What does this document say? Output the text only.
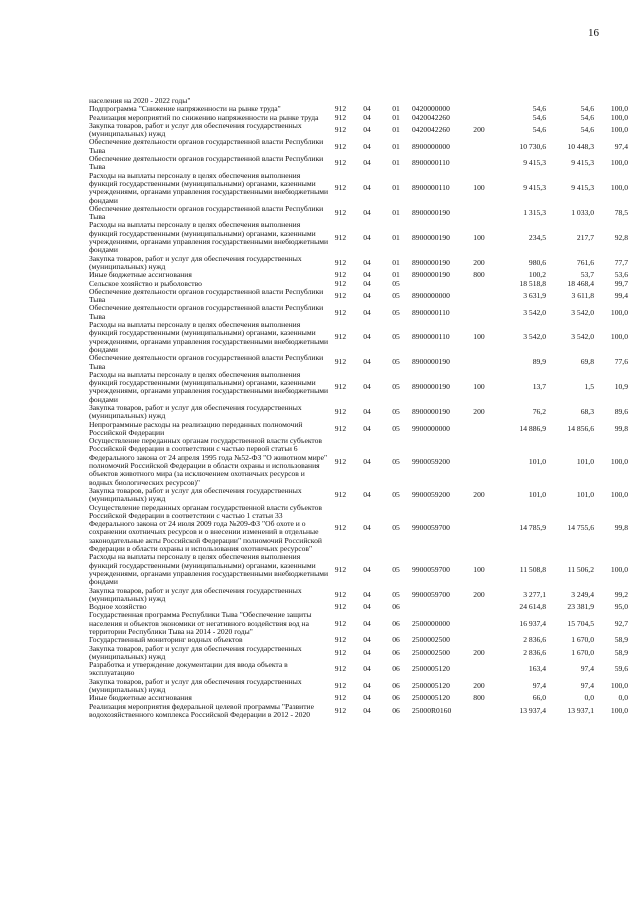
16
населения на 2020 - 2022 годы"
Подпрограмма "Снижение напряженности на рынке труда"	912	04	01	0420000000	54,6	54,6	100,0
Реализация мероприятий по снижению напряженности на рынке труда	912	04	01	0420042260	54,6	54,6	100,0
Закупка товаров, работ и услуг для обеспечения государственных (муниципальных) нужд	912	04	01	0420042260	200	54,6	54,6	100,0
Обеспечение деятельности органов государственной власти Республики Тыва	912	04	01	8900000000	10 730,6	10 448,3	97,4
Обеспечение деятельности органов государственной власти Республики Тыва	912	04	01	8900000110	9 415,3	9 415,3	100,0
Расходы на выплаты персоналу в целях обеспечения выполнения функций государственными (муниципальными) органами, казенными учреждениями, органами управления государственными внебюджетными фондами
912	04	01	8900000110	100	9 415,3	9 415,3	100,0
Обеспечение деятельности органов государственной власти Республики Тыва	912	04	01	8900000190	1 315,3	1 033,0	78,5
Расходы на выплаты персоналу в целях обеспечения выполнения функций государственными (муниципальными) органами, казенными учреждениями, органами управления государственными внебюджетными фондами
912	04	01	8900000190	100	234,5	217,7	92,8
Закупка товаров, работ и услуг для обеспечения государственных (муниципальных) нужд	912	04	01	8900000190	200	980,6	761,6	77,7
Иные бюджетные ассигнования	912	04	01	8900000190	800	100,2	53,7	53,6
Сельское хозяйство и рыболовство	912	04	05	18 518,8	18 468,4	99,7
Обеспечение деятельности органов государственной власти Республики Тыва	912	04	05	8900000000	3 631,9	3 611,8	99,4
Обеспечение деятельности органов государственной власти Республики Тыва	912	04	05	8900000110	3 542,0	3 542,0	100,0
Расходы на выплаты персоналу в целях обеспечения выполнения функций государственными (муниципальными) органами, казенными учреждениями, органами управления государственными внебюджетными фондами
912	04	05	8900000110	100	3 542,0	3 542,0	100,0
Обеспечение деятельности органов государственной власти Республики Тыва	912	04	05	8900000190	89,9	69,8	77,6
Расходы на выплаты персоналу в целях обеспечения выполнения функций государственными (муниципальными) органами, казенными учреждениями, органами управления государственными внебюджетными фондами
912	04	05	8900000190	100	13,7	1,5	10,9
Закупка товаров, работ и услуг для обеспечения государственных (муниципальных) нужд	912	04	05	8900000190	200	76,2	68,3	89,6
Непрограммные расходы на реализацию переданных полномочий Российской Федерации	912	04	05	9900000000	14 886,9	14 856,6	99,8
Осуществление переданных органам государственной власти субъектов Российской Федерации в соответствии с частью первой статьи 6 Федерального закона от 24 апреля 1995 года №52-ФЗ "О животном мире" полномочий Российской Федерации в области охраны и использования объектов животного мира (за исключением охотничьих ресурсов и водных биологических ресурсов)"
912	04	05	9900059200	101,0	101,0	100,0
Закупка товаров, работ и услуг для обеспечения государственных (муниципальных) нужд	912	04	05	9900059200	200	101,0	101,0	100,0
Осуществление переданных органам государственной власти субъектов Российской Федерации в соответствии с частью 1 статьи 33 Федерального закона от 24 июля 2009 года №209-ФЗ "Об охоте и о сохранении охотничьих ресурсов и о внесении изменений в отдельные законодательные акты Российской Федерации" полномочий Российской Федерации в области охраны и использования охотничьих ресурсов"
912	04	05	9900059700	14 785,9	14 755,6	99,8
Расходы на выплаты персоналу в целях обеспечения выполнения функций государственными (муниципальными) органами, казенными учреждениями, органами управления государственными внебюджетными фондами
912	04	05	9900059700	100	11 508,8	11 506,2	100,0
Закупка товаров, работ и услуг для обеспечения государственных (муниципальных) нужд	912	04	05	9900059700	200	3 277,1	3 249,4	99,2
Водное хозяйство	912	04	06	24 614,8	23 381,9	95,0
Государственная программа Республики Тыва "Обеспечение защиты населения и объектов экономики от негативного воздействия вод на территории Республики Тыва на 2014 - 2020 годы"
912	04	06	2500000000	16 937,4	15 704,5	92,7
Государственный мониторинг водных объектов	912	04	06	2500002500	2 836,6	1 670,0	58,9
Закупка товаров, работ и услуг для обеспечения государственных (муниципальных) нужд	912	04	06	2500002500	200	2 836,6	1 670,0	58,9
Разработка и утверждение документации для ввода объекта в эксплуатацию	912	04	06	2500005120	163,4	97,4	59,6
Закупка товаров, работ и услуг для обеспечения государственных (муниципальных) нужд	912	04	06	2500005120	200	97,4	97,4	100,0
Иные бюджетные ассигнования	912	04	06	2500005120	800	66,0	0,0	0,0
Реализация мероприятия федеральной целевой программы "Развитие водохозяйственного комплекса Российской Федерации в 2012 - 2020	912	04	06	25000R0160	13 937,4	13 937,1	100,0
